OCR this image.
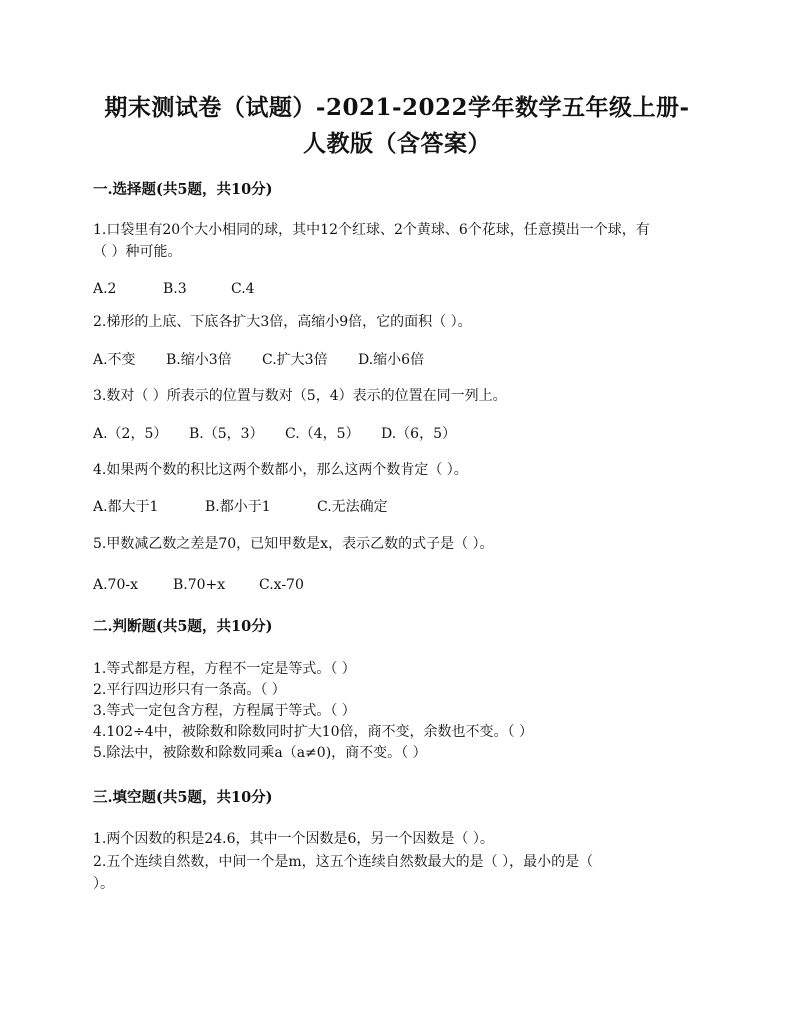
期末测试卷（试题）-2021-2022学年数学五年级上册-
人教版（含答案）
一.选择题(共5题，共10分)
1.口袋里有20个大小相同的球，其中12个红球、2个黄球、6个花球，任意摸出一个球，有
（ ）种可能。
A.2	B.3	C.4
2.梯形的上底、下底各扩大3倍，高缩小9倍，它的面积（ ）。
A.不变 B.缩小3倍 C.扩大3倍 D.缩小6倍
3.数对（ ）所表示的位置与数对（5，4）表示的位置在同一列上。
A.（2，5） B.（5，3） C.（4，5） D.（6，5）
4.如果两个数的积比这两个数都小，那么这两个数肯定（ ）。
A.都大于1	B.都小于1	C.无法确定
5.甲数减乙数之差是70，已知甲数是x，表示乙数的式子是（ ）。
A.70-x B.70+x C.x-70
二.判断题(共5题，共10分)
1.等式都是方程，方程不一定是等式。（ ）
2.平行四边形只有一条高。（ ）
3.等式一定包含方程，方程属于等式。（ ）
4.102÷4中，被除数和除数同时扩大10倍，商不变，余数也不变。（ ）
5.除法中，被除数和除数同乘a（a≠0)，商不变。（ ）
三.填空题(共5题，共10分)
1.两个因数的积是24.6，其中一个因数是6，另一个因数是（ ）。
2.五个连续自然数，中间一个是m，这五个连续自然数最大的是（ ），最小的是（
）。
